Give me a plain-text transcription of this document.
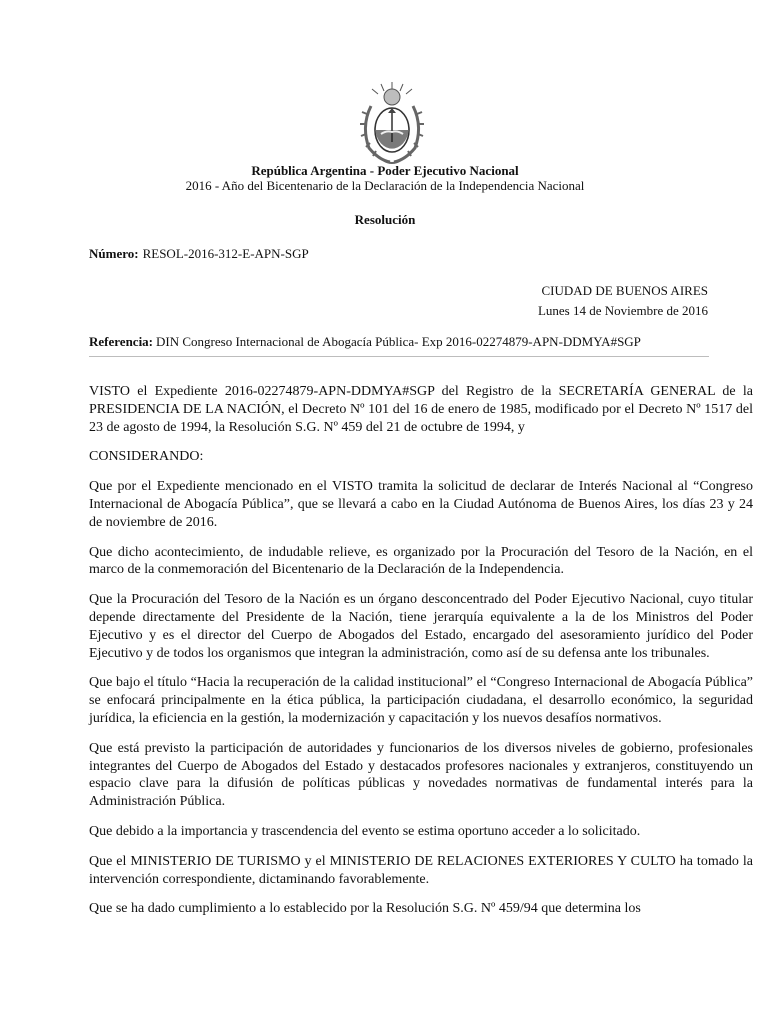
República Argentina - Poder Ejecutivo Nacional
2016 - Año del Bicentenario de la Declaración de la Independencia Nacional
Resolución
Número: RESOL-2016-312-E-APN-SGP
CIUDAD DE BUENOS AIRES
Lunes 14 de Noviembre de 2016
Referencia: DIN Congreso Internacional de Abogacía Pública- Exp 2016-02274879-APN-DDMYA#SGP

VISTO el Expediente 2016-02274879-APN-DDMYA#SGP del Registro de la SECRETARÍA GENERAL de la PRESIDENCIA DE LA NACIÓN, el Decreto Nº 101 del 16 de enero de 1985, modificado por el Decreto Nº 1517 del 23 de agosto de 1994, la Resolución S.G. Nº 459 del 21 de octubre de 1994, y

CONSIDERANDO:

Que por el Expediente mencionado en el VISTO tramita la solicitud de declarar de Interés Nacional al “Congreso Internacional de Abogacía Pública”, que se llevará a cabo en la Ciudad Autónoma de Buenos Aires, los días 23 y 24 de noviembre de 2016.

Que dicho acontecimiento, de indudable relieve, es organizado por la Procuración del Tesoro de la Nación, en el marco de la conmemoración del Bicentenario de la Declaración de la Independencia.

Que la Procuración del Tesoro de la Nación es un órgano desconcentrado del Poder Ejecutivo Nacional, cuyo titular depende directamente del Presidente de la Nación, tiene jerarquía equivalente a la de los Ministros del Poder Ejecutivo y es el director del Cuerpo de Abogados del Estado, encargado del asesoramiento jurídico del Poder Ejecutivo y de todos los organismos que integran la administración, como así de su defensa ante los tribunales.

Que bajo el título “Hacia la recuperación de la calidad institucional” el “Congreso Internacional de Abogacía Pública” se enfocará principalmente en la ética pública, la participación ciudadana, el desarrollo económico, la seguridad jurídica, la eficiencia en la gestión, la modernización y capacitación y los nuevos desafíos normativos.

Que está previsto la participación de autoridades y funcionarios de los diversos niveles de gobierno, profesionales integrantes del Cuerpo de Abogados del Estado y destacados profesores nacionales y extranjeros, constituyendo un espacio clave para la difusión de políticas públicas y novedades normativas de fundamental interés para la Administración Pública.

Que debido a la importancia y trascendencia del evento se estima oportuno acceder a lo solicitado.

Que el MINISTERIO DE TURISMO y el MINISTERIO DE RELACIONES EXTERIORES Y CULTO ha tomado la intervención correspondiente, dictaminando favorablemente.

Que se ha dado cumplimiento a lo establecido por la Resolución S.G. Nº 459/94 que determina los
